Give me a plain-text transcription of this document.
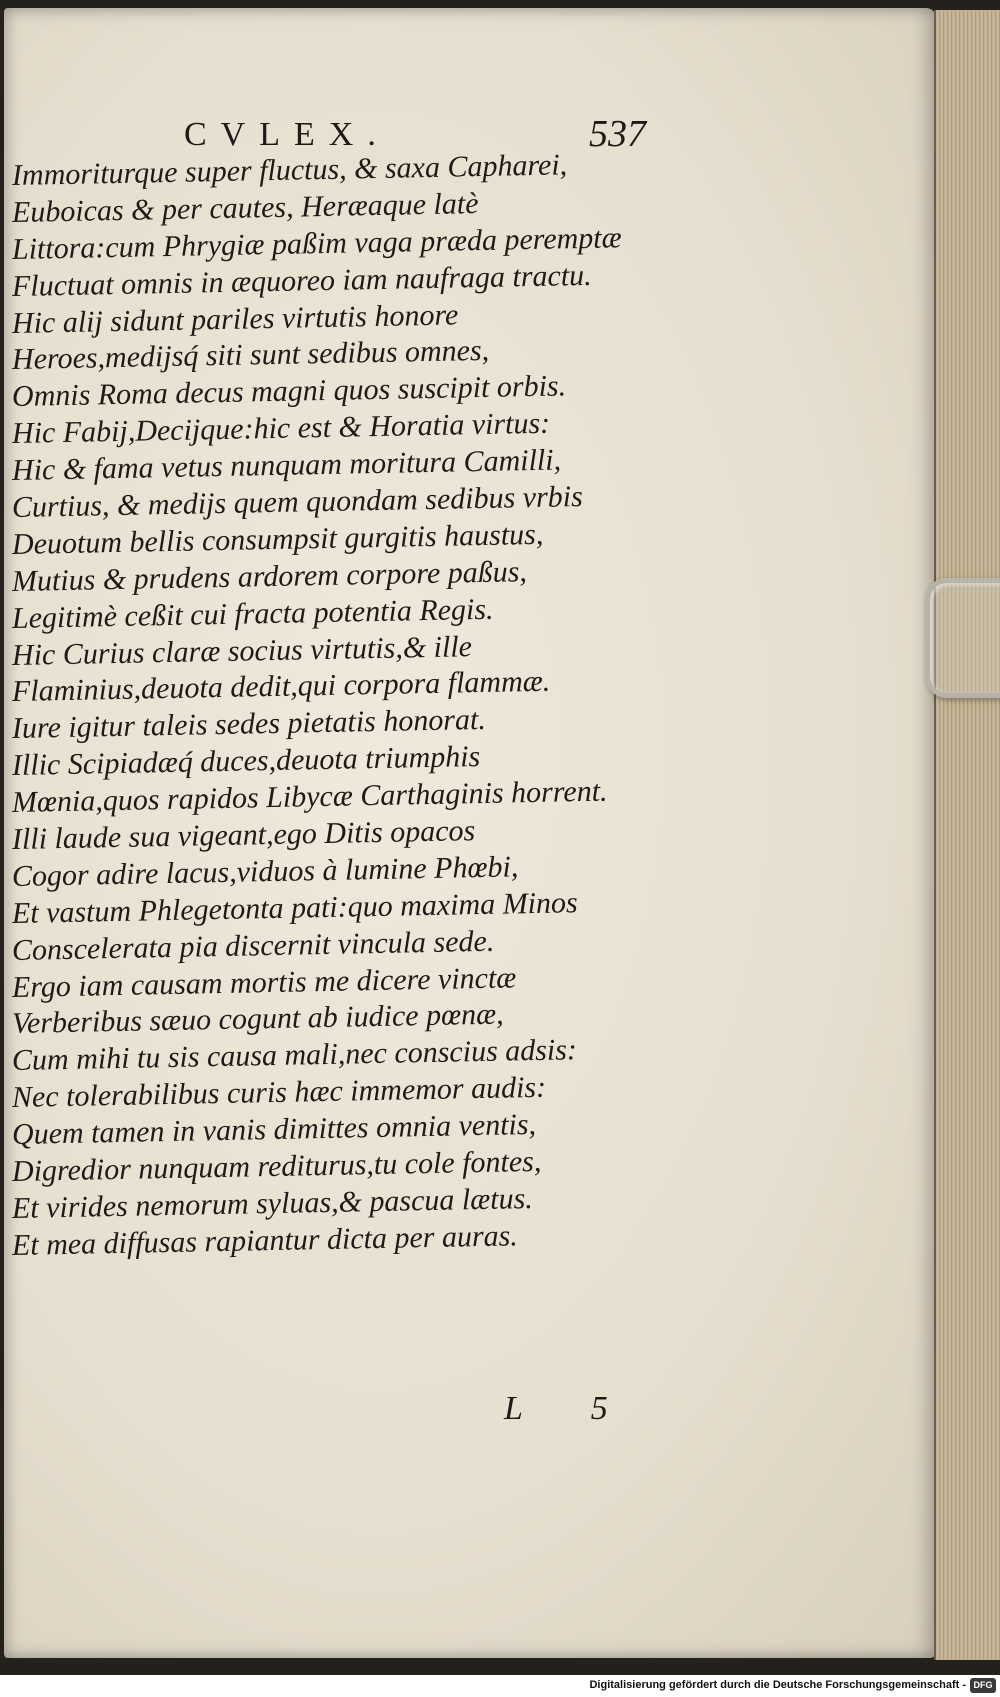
CVLEX.	537
Immoriturque super fluctus, & saxa Capharei,
Euboicas & per cautes, Heræaque latè
Littora:cum Phrygiæ paßim vaga præda peremptæ
Fluctuat omnis in æquoreo iam naufraga tractu.
Hic alij sidunt pariles virtutis honore
Heroes,medijsq́ siti sunt sedibus omnes,
Omnis Roma decus magni quos suscipit orbis.
Hic Fabij,Decijque:hic est & Horatia virtus:
Hic & fama vetus nunquam moritura Camilli,
Curtius, & medijs quem quondam sedibus vrbis
Deuotum bellis consumpsit gurgitis haustus,
Mutius & prudens ardorem corpore paßus,
Legitimè ceßit cui fracta potentia Regis.
Hic Curius claræ socius virtutis,& ille
Flaminius,deuota dedit,qui corpora flammæ.
Iure igitur taleis sedes pietatis honorat.
Illic Scipiadæq́ duces,deuota triumphis
Mœnia,quos rapidos Libycæ Carthaginis horrent.
Illi laude sua vigeant,ego Ditis opacos
Cogor adire lacus,viduos à lumine Phœbi,
Et vastum Phlegetonta pati:quo maxima Minos
Conscelerata pia discernit vincula sede.
Ergo iam causam mortis me dicere vinctæ
Verberibus sæuo cogunt ab iudice pœnæ,
Cum mihi tu sis causa mali,nec conscius adsis:
Nec tolerabilibus curis hæc immemor audis:
Quem tamen in vanis dimittes omnia ventis,
Digredior nunquam rediturus,tu cole fontes,
Et virides nemorum syluas,& pascua lætus.
Et mea diffusas rapiantur dicta per auras.
L 5
Digitalisierung gefördert durch die Deutsche Forschungsgemeinschaft - DFG
